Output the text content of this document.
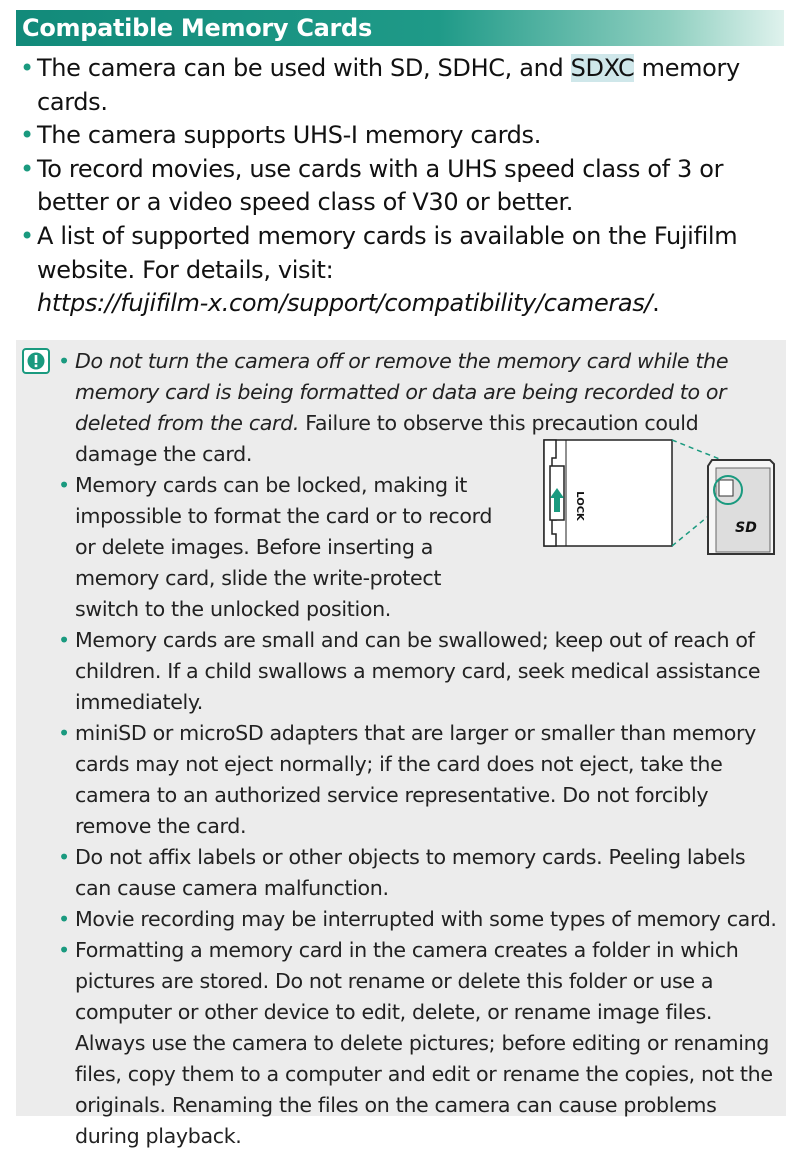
Compatible Memory Cards
• The camera can be used with SD, SDHC, and SDXC memory cards.
• The camera supports UHS-I memory cards.
• To record movies, use cards with a UHS speed class of 3 or better or a video speed class of V30 or better.
• A list of supported memory cards is available on the Fujifilm website. For details, visit:
https://fujifilm-x.com/support/compatibility/cameras/.
• Do not turn the camera off or remove the memory card while the memory card is being formatted or data are being recorded to or deleted from the card. Failure to observe this precaution could damage the card.
• Memory cards can be locked, making it impossible to format the card or to record or delete images. Before inserting a memory card, slide the write-protect switch to the unlocked position.
• Memory cards are small and can be swallowed; keep out of reach of children. If a child swallows a memory card, seek medical assistance immediately.
• miniSD or microSD adapters that are larger or smaller than memory cards may not eject normally; if the card does not eject, take the camera to an authorized service representative. Do not forcibly remove the card.
• Do not affix labels or other objects to memory cards. Peeling labels can cause camera malfunction.
• Movie recording may be interrupted with some types of memory card.
• Formatting a memory card in the camera creates a folder in which pictures are stored. Do not rename or delete this folder or use a computer or other device to edit, delete, or rename image files. Always use the camera to delete pictures; before editing or renaming files, copy them to a computer and edit or rename the copies, not the originals. Renaming the files on the camera can cause problems during playback.
LOCK
SD
